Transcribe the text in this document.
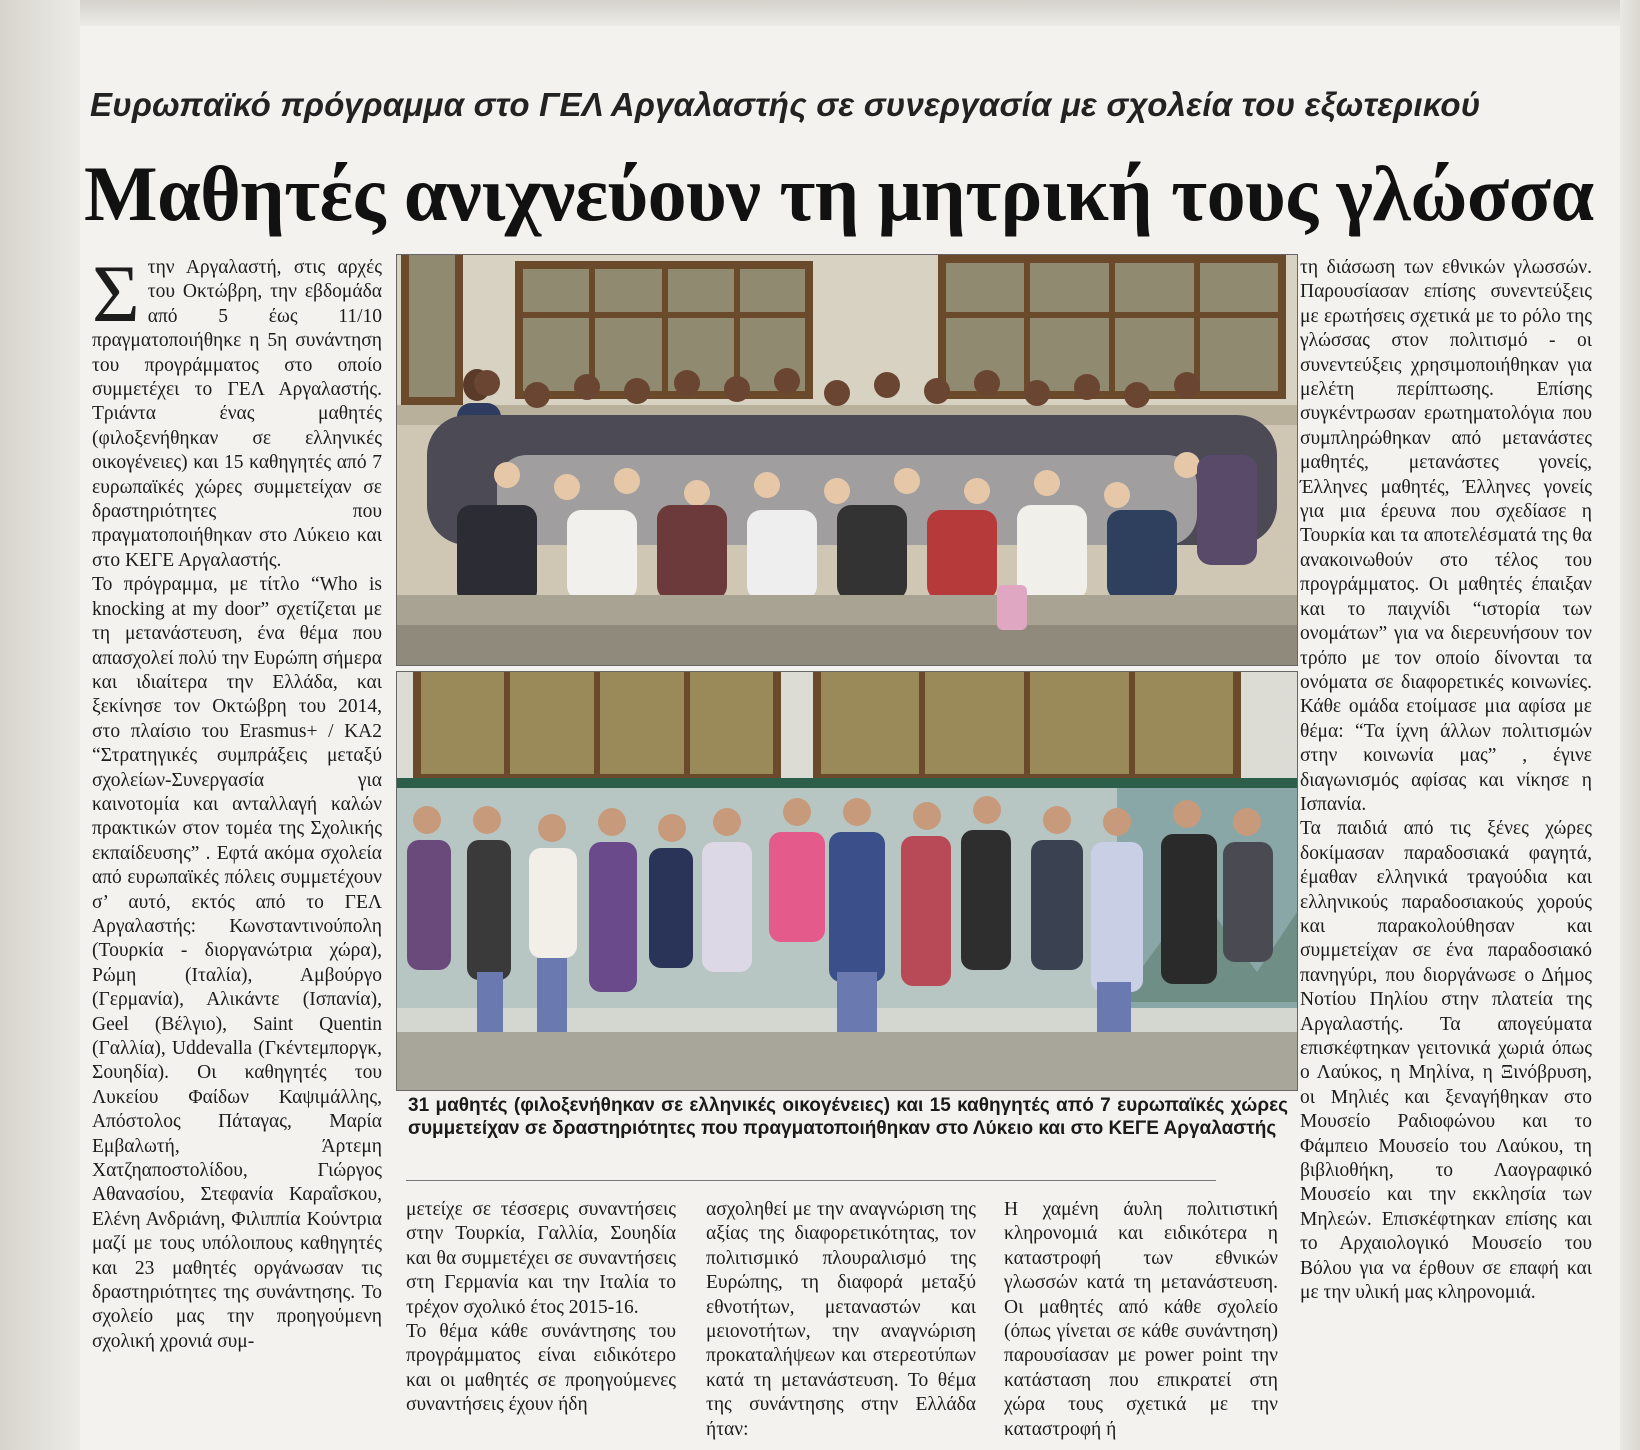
Ευρωπαϊκό πρόγραμμα στο ΓΕΛ Αργαλαστής σε συνεργασία με σχολεία του εξωτερικού
Μαθητές ανιχνεύουν τη μητρική τους γλώσσα

Στην Αργαλαστή, στις αρχές του Οκτώβρη, την εβδομάδα από 5 έως 11/10 πραγματοποιήθηκε η 5η συνάντηση του προγράμματος στο οποίο συμμετέχει το ΓΕΛ Αργαλαστής. Τριάντα ένας μαθητές (φιλοξενήθηκαν σε ελληνικές οικογένειες) και 15 καθηγητές από 7 ευρωπαϊκές χώρες συμμετείχαν σε δραστηριότητες που πραγματοποιήθηκαν στο Λύκειο και στο ΚΕΓΕ Αργαλαστής.

Το πρόγραμμα, με τίτλο “Who is knocking at my door” σχετίζεται με τη μετανάστευση, ένα θέμα που απασχολεί πολύ την Ευρώπη σήμερα και ιδιαίτερα την Ελλάδα, και ξεκίνησε τον Οκτώβρη του 2014, στο πλαίσιο του Erasmus+ / KA2 “Στρατηγικές συμπράξεις μεταξύ σχολείων-Συνεργασία για καινοτομία και ανταλλαγή καλών πρακτικών στον τομέα της Σχολικής εκπαίδευσης” . Εφτά ακόμα σχολεία από ευρωπαϊκές πόλεις συμμετέχουν σ’ αυτό, εκτός από το ΓΕΛ Αργαλαστής: Κωνσταντινούπολη (Τουρκία - διοργανώτρια χώρα), Ρώμη (Ιταλία), Αμβούργο (Γερμανία), Αλικάντε (Ισπανία), Geel (Βέλγιο), Saint Quentin (Γαλλία), Uddevalla (Γκέντεμποργκ, Σουηδία). Οι καθηγητές του Λυκείου Φαίδων Καψιμάλλης, Απόστολος Πάταγας, Μαρία Εμβαλωτή, Άρτεμη Χατζηαποστολίδου, Γιώργος Αθανασίου, Στεφανία Καραΐσκου, Ελένη Ανδριάνη, Φιλιππία Κούντρια μαζί με τους υπόλοιπους καθηγητές και 23 μαθητές οργάνωσαν τις δραστηριότητες της συνάντησης. Το σχολείο μας την προηγούμενη σχολική χρονιά συμ-

31 μαθητές (φιλοξενήθηκαν σε ελληνικές οικογένειες) και 15 καθηγητές από 7 ευρωπαϊκές χώρες συμμετείχαν σε δραστηριότητες που πραγματοποιήθηκαν στο Λύκειο και στο ΚΕΓΕ Αργαλαστής

μετείχε σε τέσσερις συναντήσεις στην Τουρκία, Γαλλία, Σουηδία και θα συμμετέχει σε συναντήσεις στη Γερμανία και την Ιταλία το τρέχον σχολικό έτος 2015-16.

Το θέμα κάθε συνάντησης του προγράμματος είναι ειδικότερο και οι μαθητές σε προηγούμενες συναντήσεις έχουν ήδη

ασχοληθεί με την αναγνώριση της αξίας της διαφορετικότητας, τον πολιτισμικό πλουραλισμό της Ευρώπης, τη διαφορά μεταξύ εθνοτήτων, μεταναστών και μειονοτήτων, την αναγνώριση προκαταλήψεων και στερεοτύπων κατά τη μετανάστευση. Το θέμα της συνάντησης στην Ελλάδα ήταν:

Η χαμένη άυλη πολιτιστική κληρονομιά και ειδικότερα η καταστροφή των εθνικών γλωσσών κατά τη μετανάστευση. Οι μαθητές από κάθε σχολείο (όπως γίνεται σε κάθε συνάντηση) παρουσίασαν με power point την κατάσταση που επικρατεί στη χώρα τους σχετικά με την καταστροφή ή

τη διάσωση των εθνικών γλωσσών. Παρουσίασαν επίσης συνεντεύξεις με ερωτήσεις σχετικά με το ρόλο της γλώσσας στον πολιτισμό - οι συνεντεύξεις χρησιμοποιήθηκαν για μελέτη περίπτωσης. Επίσης συγκέντρωσαν ερωτηματολόγια που συμπληρώθηκαν από μετανάστες μαθητές, μετανάστες γονείς, Έλληνες μαθητές, Έλληνες γονείς για μια έρευνα που σχεδίασε η Τουρκία και τα αποτελέσματά της θα ανακοινωθούν στο τέλος του προγράμματος. Οι μαθητές έπαιξαν και το παιχνίδι “ιστορία των ονομάτων” για να διερευνήσουν τον τρόπο με τον οποίο δίνονται τα ονόματα σε διαφορετικές κοινωνίες. Κάθε ομάδα ετοίμασε μια αφίσα με θέμα: “Τα ίχνη άλλων πολιτισμών στην κοινωνία μας” , έγινε διαγωνισμός αφίσας και νίκησε η Ισπανία.

Τα παιδιά από τις ξένες χώρες δοκίμασαν παραδοσιακά φαγητά, έμαθαν ελληνικά τραγούδια και ελληνικούς παραδοσιακούς χορούς και παρακολούθησαν και συμμετείχαν σε ένα παραδοσιακό πανηγύρι, που διοργάνωσε ο Δήμος Νοτίου Πηλίου στην πλατεία της Αργαλαστής. Τα απογεύματα επισκέφτηκαν γειτονικά χωριά όπως ο Λαύκος, η Μηλίνα, η Ξινόβρυση, οι Μηλιές και ξεναγήθηκαν στο Μουσείο Ραδιοφώνου και το Φάμπειο Μουσείο του Λαύκου, τη βιβλιοθήκη, το Λαογραφικό Μουσείο και την εκκλησία των Μηλεών. Επισκέφτηκαν επίσης και το Αρχαιολογικό Μουσείο του Βόλου για να έρθουν σε επαφή και με την υλική μας κληρονομιά.
